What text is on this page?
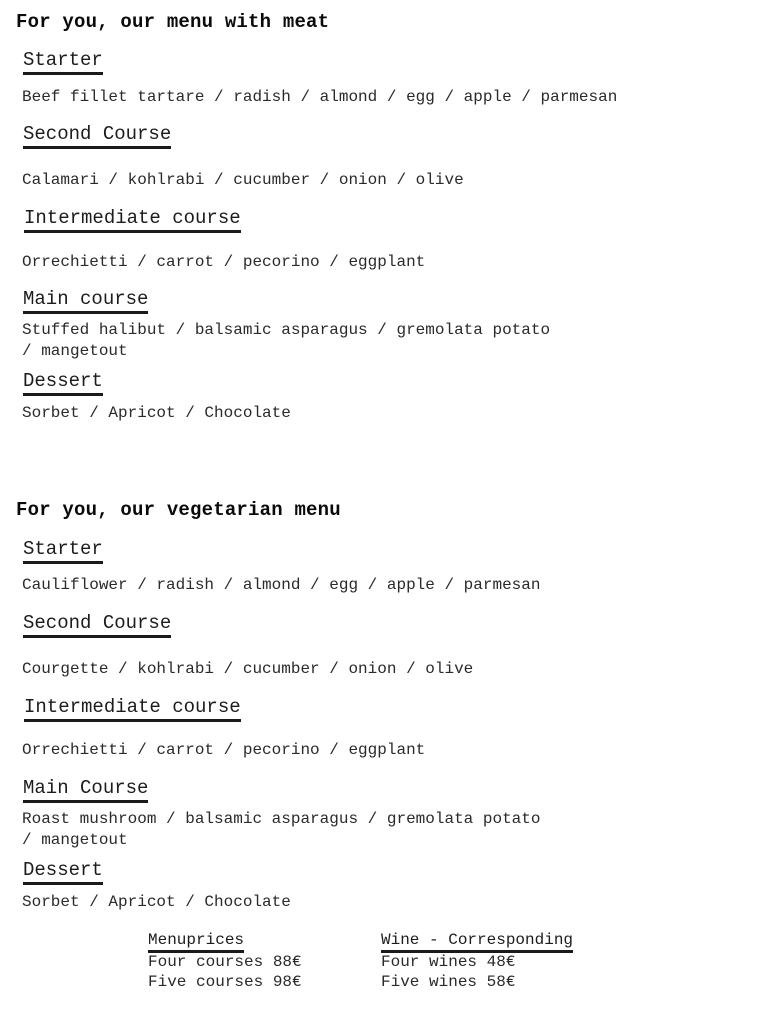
For you, our menu with meat
Starter
Beef fillet tartare / radish / almond / egg / apple / parmesan
Second Course
Calamari / kohlrabi / cucumber / onion / olive
Intermediate course
Orrechietti / carrot / pecorino / eggplant
Main course
Stuffed halibut / balsamic asparagus / gremolata potato
/ mangetout
Dessert
Sorbet / Apricot / Chocolate
For you, our vegetarian menu
Starter
Cauliflower / radish / almond / egg / apple / parmesan
Second Course
Courgette / kohlrabi / cucumber / onion / olive
Intermediate course
Orrechietti / carrot / pecorino / eggplant
Main Course
Roast mushroom / balsamic asparagus / gremolata potato
/ mangetout
Dessert
Sorbet / Apricot / Chocolate
Menuprices
Four courses 88€
Five courses 98€
Wine - Corresponding
Four wines 48€
Five wines 58€
